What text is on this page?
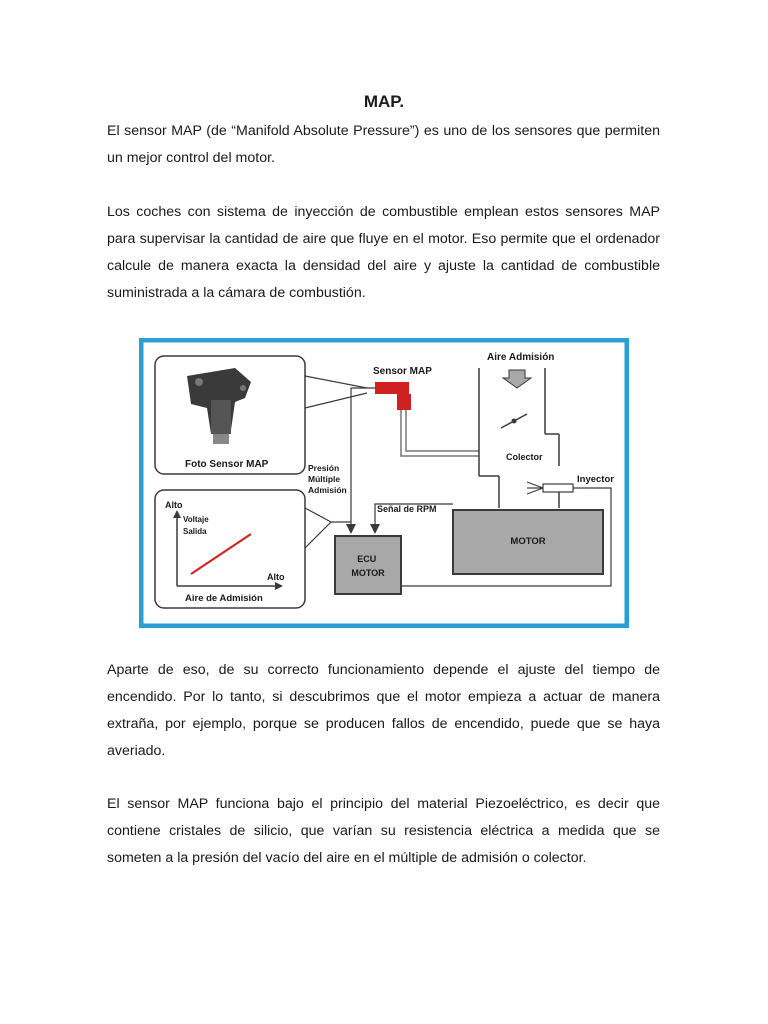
MAP.

El sensor MAP (de “Manifold Absolute Pressure”) es uno de los sensores que permiten un mejor control del motor.

Los coches con sistema de inyección de combustible emplean estos sensores MAP para supervisar la cantidad de aire que fluye en el motor. Eso permite que el ordenador calcule de manera exacta la densidad del aire y ajuste la cantidad de combustible suministrada a la cámara de combustión.

Foto Sensor MAP
Sensor MAP
Presión Múltiple Admisión
Alto
Voltaje Salida
Alto
Aire de Admisión
ECU MOTOR
Aire Admisión
Colector
Inyector
MOTOR
Señal de RPM

Aparte de eso, de su correcto funcionamiento depende el ajuste del tiempo de encendido. Por lo tanto, si descubrimos que el motor empieza a actuar de manera extraña, por ejemplo, porque se producen fallos de encendido, puede que se haya averiado.

El sensor MAP funciona bajo el principio del material Piezoeléctrico, es decir que contiene cristales de silicio, que varían su resistencia eléctrica a medida que se someten a la presión del vacío del aire en el múltiple de admisión o colector.
